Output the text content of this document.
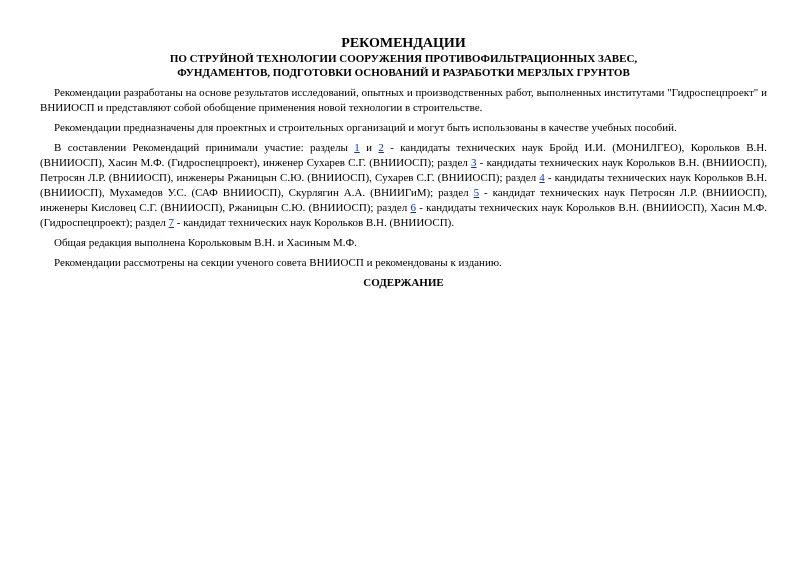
РЕКОМЕНДАЦИИ
ПО СТРУЙНОЙ ТЕХНОЛОГИИ СООРУЖЕНИЯ ПРОТИВОФИЛЬТРАЦИОННЫХ ЗАВЕС,
ФУНДАМЕНТОВ, ПОДГОТОВКИ ОСНОВАНИЙ И РАЗРАБОТКИ МЕРЗЛЫХ ГРУНТОВ

Рекомендации разработаны на основе результатов исследований, опытных и производственных работ, выполненных институтами "Гидроспецпроект" и ВНИИОСП и представляют собой обобщение применения новой технологии в строительстве.

Рекомендации предназначены для проектных и строительных организаций и могут быть использованы в качестве учебных пособий.

В составлении Рекомендаций принимали участие: разделы 1 и 2 - кандидаты технических наук Бройд И.И. (МОНИЛГЕО), Корольков В.Н. (ВНИИОСП), Хасин М.Ф. (Гидроспецпроект), инженер Сухарев С.Г. (ВНИИОСП); раздел 3 - кандидаты технических наук Корольков В.Н. (ВНИИОСП), Петросян Л.Р. (ВНИИОСП), инженеры Ржаницын С.Ю. (ВНИИОСП), Сухарев С.Г. (ВНИИОСП); раздел 4 - кандидаты технических наук Корольков В.Н. (ВНИИОСП), Мухамедов У.С. (САФ ВНИИОСП), Скурлягин А.А. (ВНИИГиМ); раздел 5 - кандидат технических наук Петросян Л.Р. (ВНИИОСП), инженеры Кисловец С.Г. (ВНИИОСП), Ржаницын С.Ю. (ВНИИОСП); раздел 6 - кандидаты технических наук Корольков В.Н. (ВНИИОСП), Хасин М.Ф. (Гидроспецпроект); раздел 7 - кандидат технических наук Корольков В.Н. (ВНИИОСП).

Общая редакция выполнена Корольковым В.Н. и Хасиным М.Ф.

Рекомендации рассмотрены на секции ученого совета ВНИИОСП и рекомендованы к изданию.

СОДЕРЖАНИЕ
